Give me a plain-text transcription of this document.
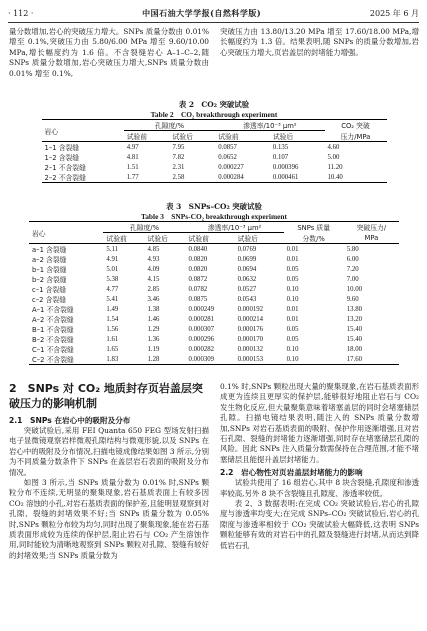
· 112 ·	中国石油大学学报(自然科学版)	2025 年 6 月

量分数增加,岩心的突破压力增大。SNPs 质量分数由 0.01% 增至 0.1%,突破压力由 5.80/6.00 MPa 增至 9.60/10.00 MPa,增长幅度约为 1.6 倍。不含裂缝岩心 A–1–C–2,随 SNPs 质量分数增加,岩心突破压力增大,SNPs 质量分数由 0.01% 增至 0.1%,

突破压力由 13.80/13.20 MPa 增至 17.60/18.00 MPa,增长幅度约为 1.3 倍。结果表明,随 SNPs 的质量分数增加,岩心突破压力增大,页岩盖层的封堵能力增强。

表 2　CO₂ 突破试验
Table 2　CO₂ breakthrough experiment
岩心	孔隙度/%		渗透率/10⁻³ μm²		CO₂ 突破
	试验前	试验后	试验前	试验后	压力/MPa
1–1 含裂缝	4.97	7.95	0.0857	0.135	4.60
1–2 含裂缝	4.81	7.82	0.0652	0.107	5.00
2–1 不含裂缝	1.51	2.31	0.000227	0.000396	11.20
2–2 不含裂缝	1.77	2.58	0.000284	0.000461	10.40
表 3　SNPs–CO₂ 突破试验
Table 3　SNPs-CO₂ breakthrough experiment
岩心	孔隙度/%		渗透率/10⁻³ μm²		SNPs 质量	突破压力/
	试验前	试验后	试验前	试验后	分数/%	MPa
a–1 含裂缝	5.11	4.85	0.0840	0.0769	0.01	5.80
a–2 含裂缝	4.91	4.93	0.0820	0.0699	0.01	6.00
b–1 含裂缝	5.01	4.09	0.0820	0.0694	0.05	7.20
b–2 含裂缝	5.38	4.15	0.0872	0.0632	0.05	7.00
c–1 含裂缝	4.77	2.85	0.0782	0.0527	0.10	10.00
c–2 含裂缝	5.41	3.46	0.0875	0.0543	0.10	9.60
A–1 不含裂缝	1.49	1.38	0.000249	0.000192	0.01	13.80
A–2 不含裂缝	1.54	1.46	0.000281	0.000214	0.01	13.20
B–1 不含裂缝	1.56	1.29	0.000307	0.000176	0.05	15.40
B–2 不含裂缝	1.61	1.36	0.000296	0.000170	0.05	15.40
C–1 不含裂缝	1.65	1.19	0.000282	0.000132	0.10	18.00
C–2 不含裂缝	1.83	1.28	0.000309	0.000153	0.10	17.60

2　SNPs 对 CO₂ 地质封存页岩盖层突

破压力的影响机制

2.1　SNPs 在岩心中的吸附及分布

突破试验后,采用 FEI Quanta 650 FEG 型场发射扫描电子显微镜观察岩样微观孔隙结构与微观形貌,以及 SNPs 在岩心中的吸附及分布情况,扫描电镜成像结果如图 3 所示,分别为不同质量分数条件下 SNPs 在盖层岩石表面的吸附及分布情况。

如图 3 所示,当 SNPs 质量分数为 0.01% 时,SNPs 颗粒分布不连续,无明显的聚集现象,岩石基质表面上有较多因 CO₂ 溶蚀的小孔,对岩石基质表面的保护差,且能明显观察到对孔隙、裂缝的封堵效果不好;当 SNPs 质量分数为 0.05% 时,SNPs 颗粒分布较为均匀,同时出现了聚集现象,能在岩石基质表面形成较为连续的保护层,阻止岩石与 CO₂ 产生溶蚀作用,同时能较为清晰地观察到 SNPs 颗粒对孔隙、裂缝有较好的封堵效果;当 SNPs 质量分数为

0.1% 时,SNPs 颗粒出现大量的聚集现象,在岩石基质表面形成更为连续且更厚实的保护层,能够很好地阻止岩石与 CO₂ 发生物化反应,但大量聚集意味着堵塞盖层的同时会堵塞储层孔隙。扫描电镜结果表明,随注入的 SNPs 质量分数增加,SNPs 对岩石基质表面的吸附、保护作用逐渐增强,且对岩石孔隙、裂缝的封堵能力逐渐增强,同时存在堵塞储层孔隙的风险。因此 SNPs 注入质量分数需保持在合理范围,才能不堵塞储层且能提升盖层封堵能力。

2.2　岩心物性对页岩盖层封堵能力的影响

试验共使用了 16 组岩心,其中 8 块含裂缝,孔隙度和渗透率较高,另外 8 块不含裂缝且孔隙度、渗透率较低。

表 2、3 数据表明:在完成 CO₂ 突破试验后,岩心的孔隙度与渗透率均变大;在完成 SNPs–CO₂ 突破试验后,岩心的孔隙度与渗透率相较于 CO₂ 突破试验大幅降低,这表明 SNPs 颗粒能够有效的对岩石中的孔隙及裂缝进行封堵,从而达到降低岩石孔
